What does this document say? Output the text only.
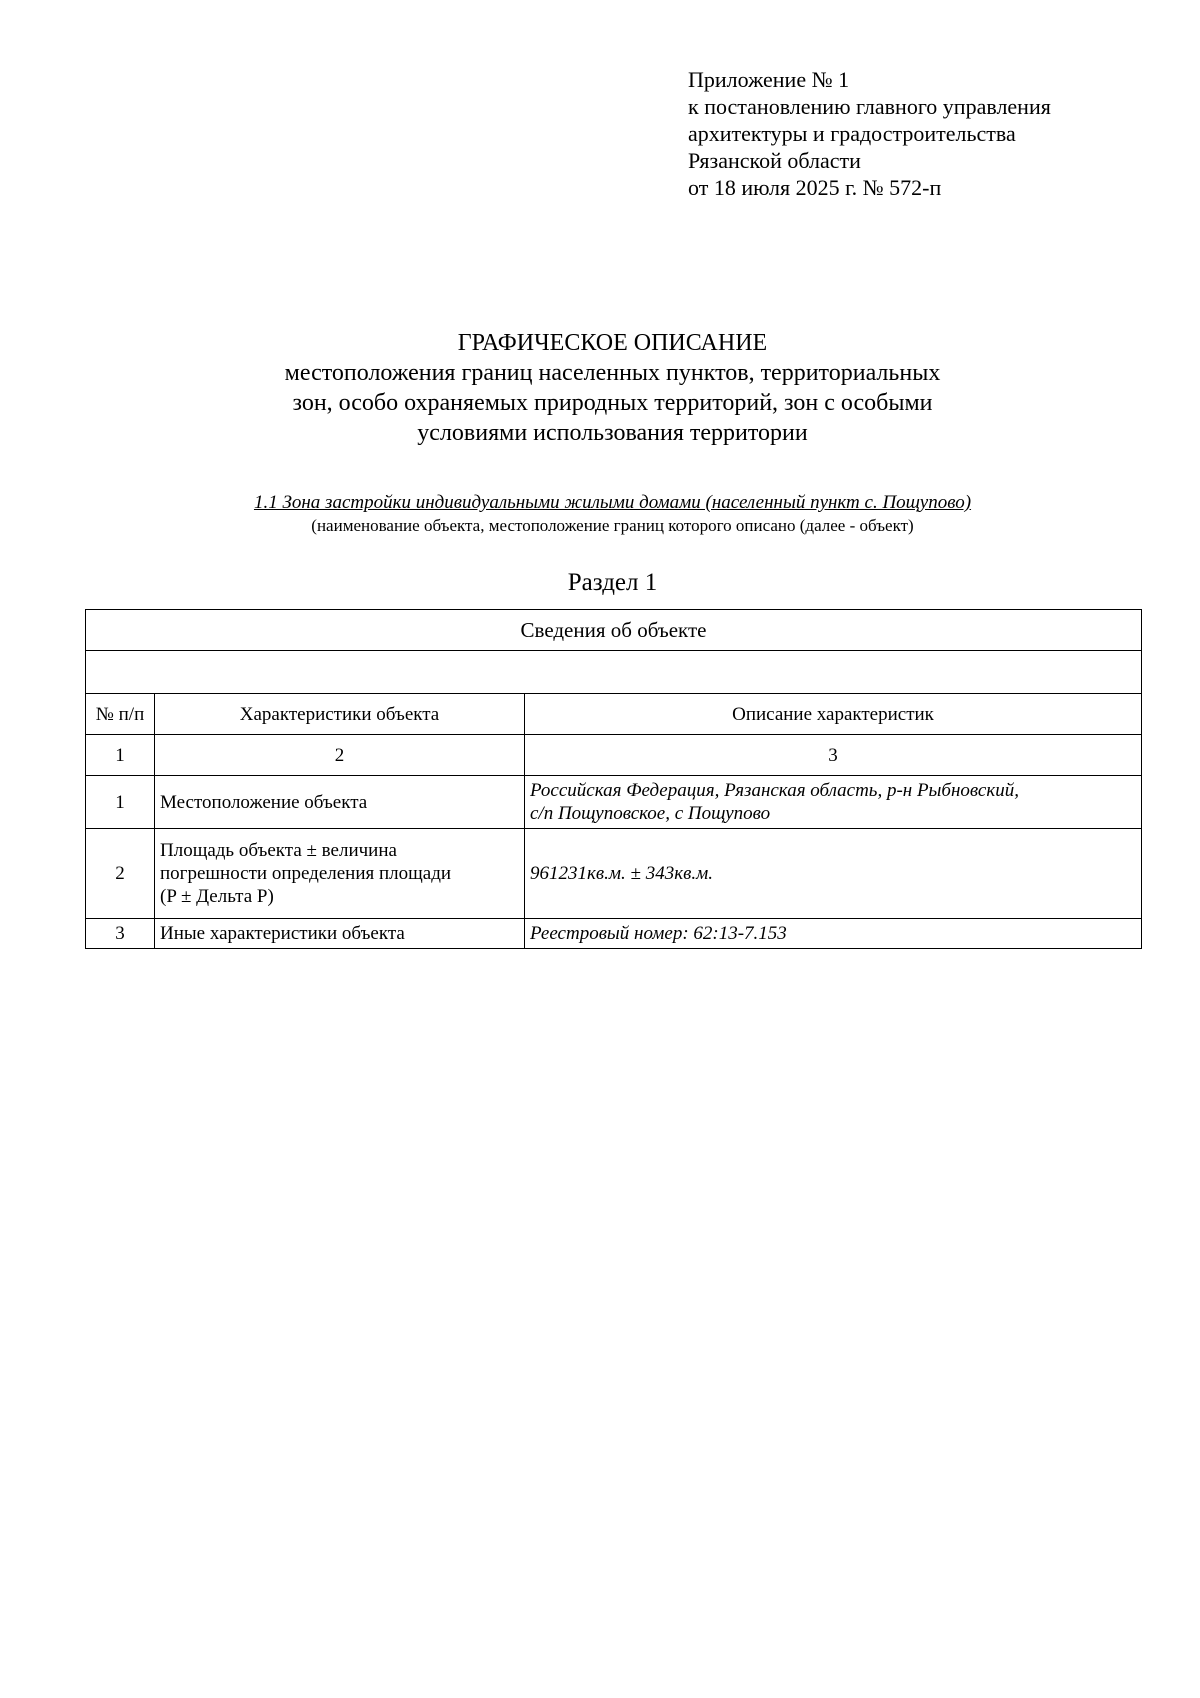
Приложение № 1
к постановлению главного управления
архитектуры и градостроительства
Рязанской области
от 18 июля 2025 г. № 572-п
ГРАФИЧЕСКОЕ ОПИСАНИЕ
местоположения границ населенных пунктов, территориальных
зон, особо охраняемых природных территорий, зон с особыми
условиями использования территории
1.1 Зона застройки индивидуальными жилыми домами (населенный пункт с. Пощупово)
(наименование объекта, местоположение границ которого описано (далее - объект)
Раздел 1
Сведения об объекте		

№ п/п	Характеристики объекта	Описание характеристик
1	2	3
1	Местоположение объекта	Российская Федерация, Рязанская область, р-н Рыбновский,
с/п Пощуповское, с Пощупово

2	Площадь объекта ± величина
погрешности определения площади
(P ± Дельта P)	961231кв.м. ± 343кв.м.
3	Иные характеристики объекта	Реестровый номер: 62:13-7.153
